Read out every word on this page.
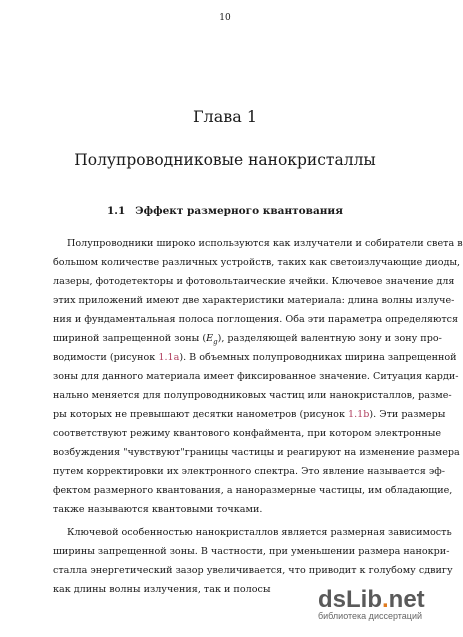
10
Глава 1
Полупроводниковые нанокристаллы
1.1 Эффект размерного квантования
Полупроводники широко используются как излучатели и собиратели света в
большом количестве различных устройств, таких как светоизлучающие диоды,
лазеры, фотодетекторы и фотовольтаические ячейки. Ключевое значение для
этих приложений имеют две характеристики материала: длина волны излуче-
ния и фундаментальная полоса поглощения. Оба эти параметра определяются
шириной запрещенной зоны $(E_g)$, разделяющей валентную зону и зону про-
водимости (рисунок 1.1a). В объемных полупроводниках ширина запрещенной
зоны для данного материала имеет фиксированное значение. Ситуация карди-
нально меняется для полупроводниковых частиц или нанокристаллов, разме-
ры которых не превышают десятки нанометров (рисунок 1.1b). Эти размеры
соответствуют режиму квантового конфаймента, при котором электронные
возбуждения "чувствуют"границы частицы и реагируют на изменение размера
путем корректировки их электронного спектра. Это явление называется эф-
фектом размерного квантования, а наноразмерные частицы, им обладающие,
также называются квантовыми точками.
Ключевой особенностью нанокристаллов является размерная зависимость
ширины запрещенной зоны. В частности, при уменьшении размера нанокри-
сталла энергетический зазор увеличивается, что приводит к голубому сдвигу
как длины волны излучения, так и полосы	dsLib.net
библиотека диссертаций
